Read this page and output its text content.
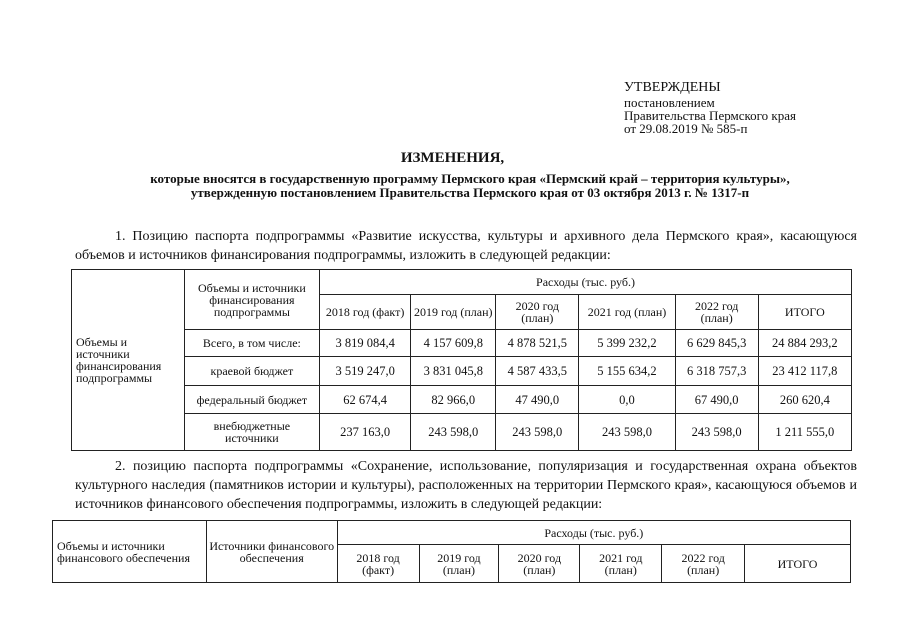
УТВЕРЖДЕНЫ
постановлением
Правительства Пермского края
от 29.08.2019 № 585-п
ИЗМЕНЕНИЯ,
которые вносятся в государственную программу Пермского края «Пермский край – территория культуры»,
утвержденную постановлением Правительства Пермского края от 03 октября 2013 г. № 1317-п
1. Позицию паспорта подпрограммы «Развитие искусства, культуры и архивного дела Пермского края», касающуюся объемов и источников финансирования подпрограммы, изложить в следующей редакции:
Объемы и источники финансирования подпрограммы	Объемы и источники финансирования подпрограммы	Расходы (тыс. руб.)					
		2018 год (факт)	2019 год (план)	2020 год (план)	2021 год (план)	2022 год (план)	ИТОГО
	Всего, в том числе:	3 819 084,4	4 157 609,8	4 878 521,5	5 399 232,2	6 629 845,3	24 884 293,2
	краевой бюджет	3 519 247,0	3 831 045,8	4 587 433,5	5 155 634,2	6 318 757,3	23 412 117,8
	федеральный бюджет	62 674,4	82 966,0	47 490,0	0,0	67 490,0	260 620,4
	внебюджетные источники	237 163,0	243 598,0	243 598,0	243 598,0	243 598,0	1 211 555,0
2. позицию паспорта подпрограммы «Сохранение, использование, популяризация и государственная охрана объектов культурного наследия (памятников истории и культуры), расположенных на территории Пермского края», касающуюся объемов и источников финансового обеспечения подпрограммы, изложить в следующей редакции:
Объемы и источники финансового обеспечения	Источники финансового обеспечения	Расходы (тыс. руб.)					
		2018 год (факт)	2019 год (план)	2020 год (план)	2021 год (план)	2022 год (план)	ИТОГО
